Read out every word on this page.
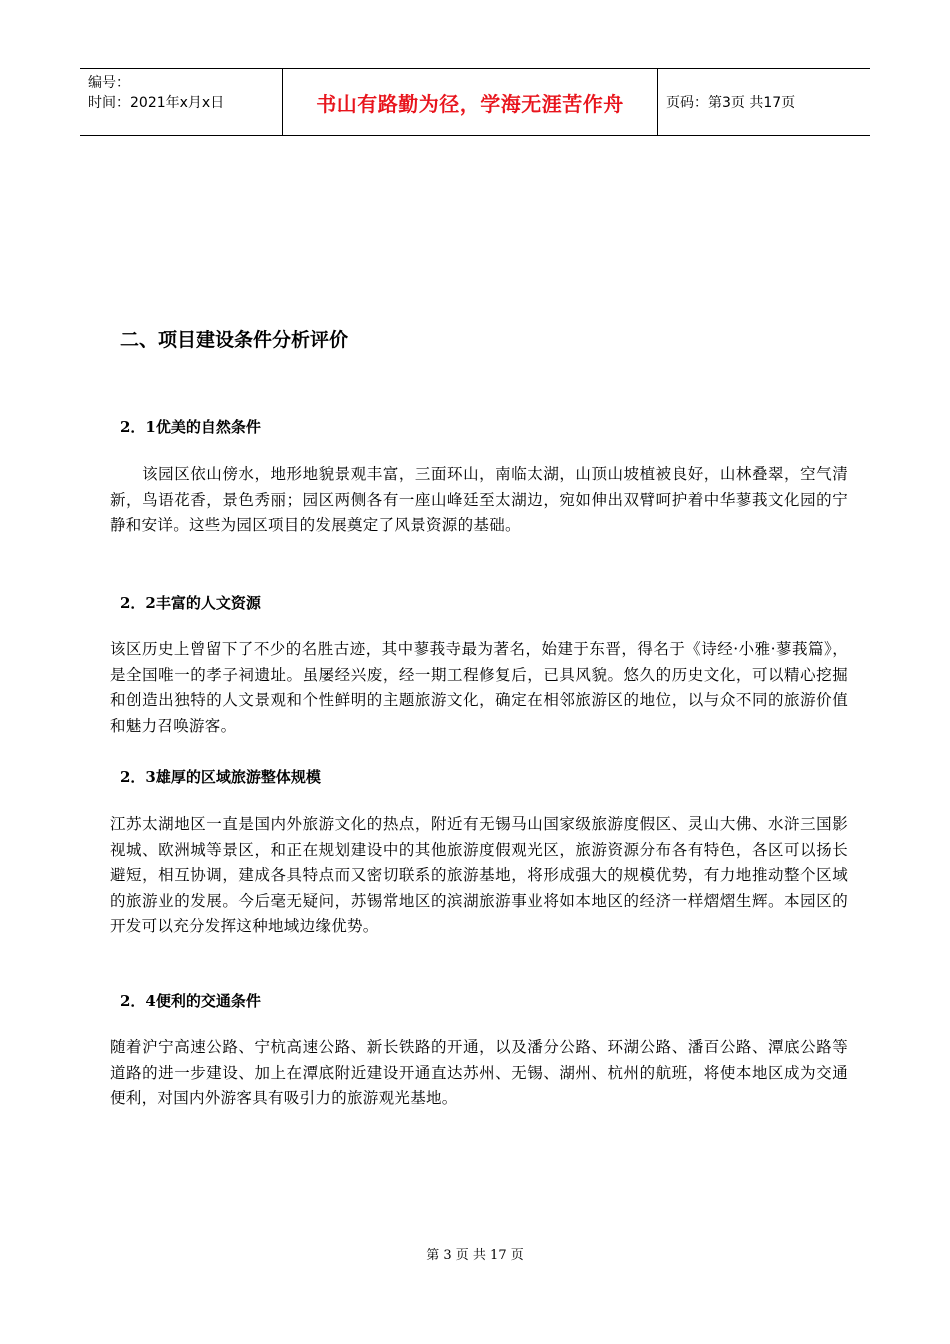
编号：
时间：2021年x月x日	书山有路勤为径，学海无涯苦作舟	页码：第3页 共17页
二、项目建设条件分析评价
2．1优美的自然条件

　　该园区依山傍水，地形地貌景观丰富，三面环山，南临太湖，山顶山坡植被良好，山林叠翠，空气清新，鸟语花香，景色秀丽；园区两侧各有一座山峰廷至太湖边，宛如伸出双臂呵护着中华蓼莪文化园的宁静和安详。这些为园区项目的发展奠定了风景资源的基础。

2．2丰富的人文资源

该区历史上曾留下了不少的名胜古迹，其中蓼莪寺最为著名，始建于东晋，得名于《诗经·小雅·蓼莪篇》，是全国唯一的孝子祠遗址。虽屡经兴废，经一期工程修复后，已具风貌。悠久的历史文化，可以精心挖掘和创造出独特的人文景观和个性鲜明的主题旅游文化，确定在相邻旅游区的地位，以与众不同的旅游价值和魅力召唤游客。

2．3雄厚的区域旅游整体规模

江苏太湖地区一直是国内外旅游文化的热点，附近有无锡马山国家级旅游度假区、灵山大佛、水浒三国影视城、欧洲城等景区，和正在规划建设中的其他旅游度假观光区，旅游资源分布各有特色，各区可以扬长避短，相互协调，建成各具特点而又密切联系的旅游基地，将形成强大的规模优势，有力地推动整个区域的旅游业的发展。今后毫无疑问，苏锡常地区的滨湖旅游事业将如本地区的经济一样熠熠生辉。本园区的开发可以充分发挥这种地域边缘优势。

2．4便利的交通条件

随着沪宁高速公路、宁杭高速公路、新长铁路的开通，以及潘分公路、环湖公路、潘百公路、潭底公路等道路的进一步建设、加上在潭底附近建设开通直达苏州、无锡、湖州、杭州的航班，将使本地区成为交通便利，对国内外游客具有吸引力的旅游观光基地。

第 3 页 共 17 页
